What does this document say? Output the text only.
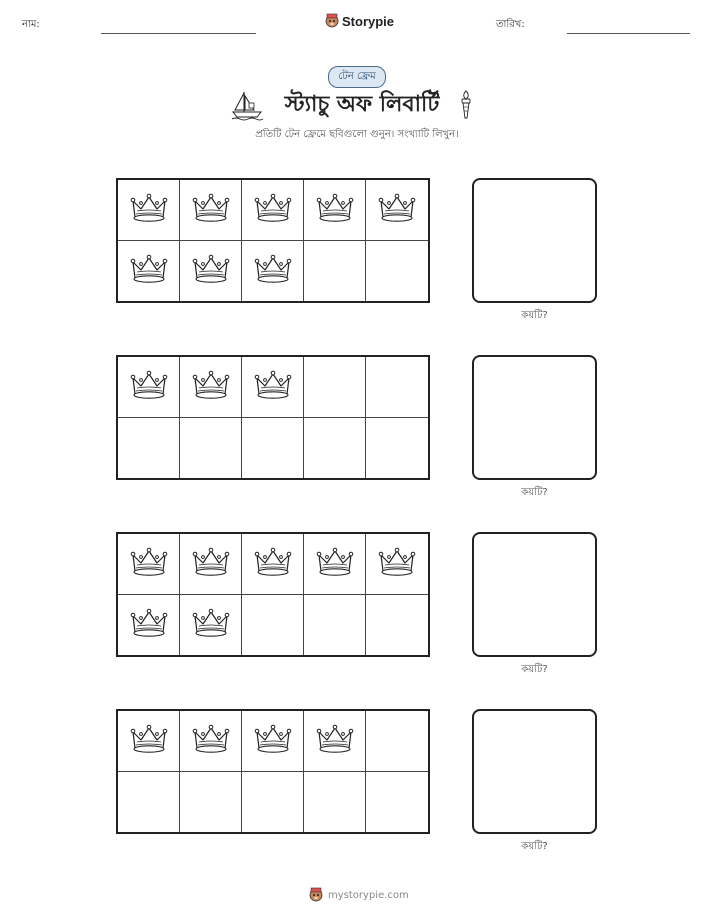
নাম:	Storypie	তারিখ:
টেন ফ্রেম
স্ট্যাচু অফ লিবার্টি
প্রতিটি টেন ফ্রেমে ছবিগুলো গুনুন। সংখ্যাটি লিখুন।
কয়টি?
কয়টি?
কয়টি?
কয়টি?
mystorypie.com
